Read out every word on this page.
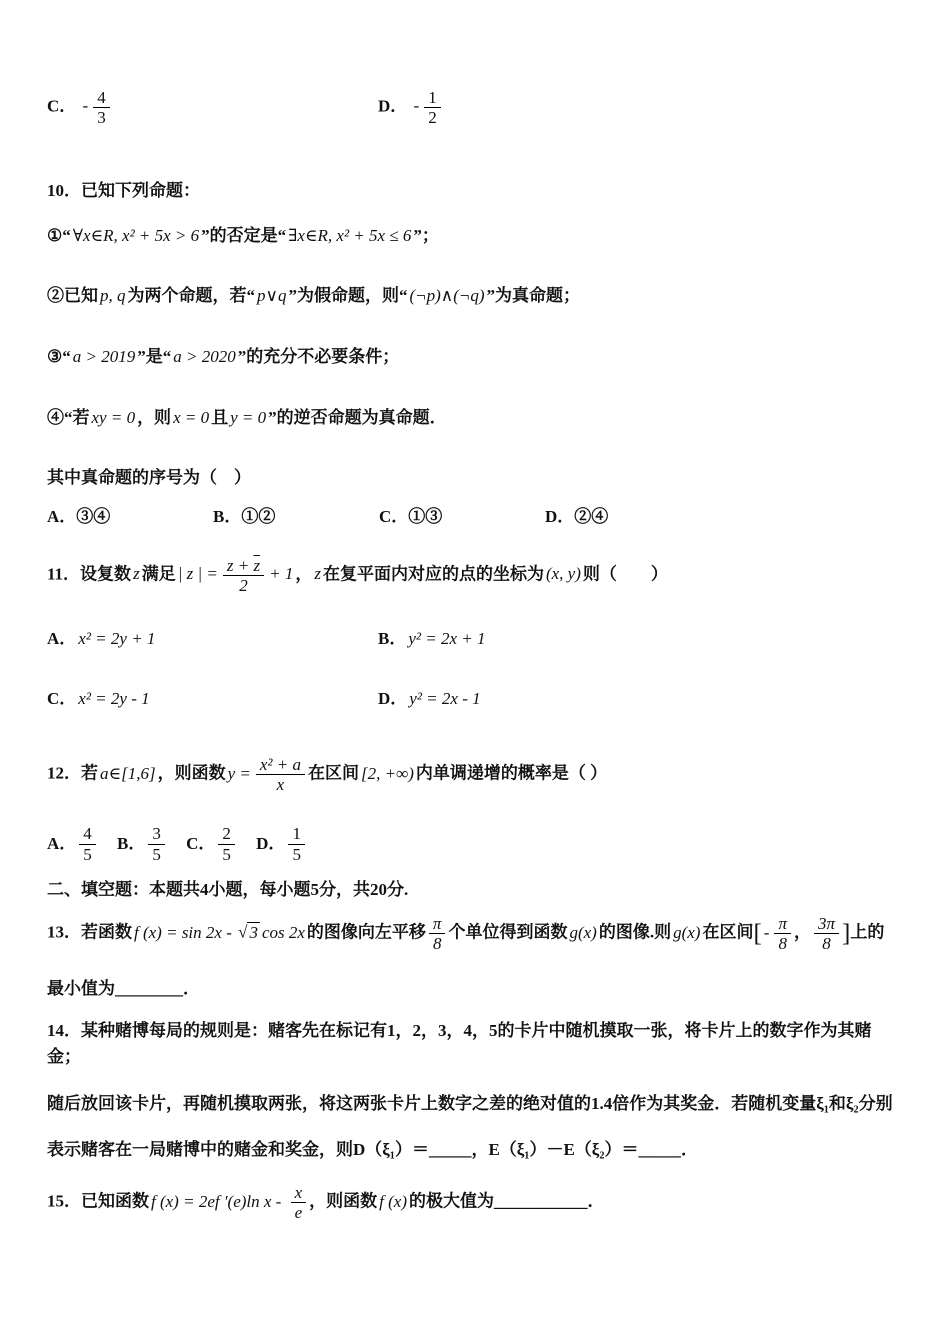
C． - $\frac{4}{3}$	D． - $\frac{1}{2}$

10．已知下列命题：

①“ ∀x∈R, x² + 5x > 6 ”的否定是“ ∃x∈R, x² + 5x ≤ 6 ”；

②已知 p, q 为两个命题，若“ p∨q ”为假命题，则“ (¬p)∧(¬q) ”为真命题；

③“ a > 2019 ”是“ a > 2020 ”的充分不必要条件；

④“若 xy = 0 ，则 x = 0 且 y = 0 ”的逆否命题为真命题．

其中真命题的序号为（　）

A．③④	B．①②	C．①③	D．②④

11．设复数 z 满足 | z | = $\frac{z + \overline{z}}{2} + 1$ ， z 在复平面内对应的点的坐标为 (x, y) 则（　　）

A． x² = 2y + 1	B． y² = 2x + 1

C． x² = 2y - 1	D． y² = 2x - 1

12．若 a∈[1,6] ，则函数 $y = \frac{\text{x² + a}}{x}$ 在区间 [2, +∞) 内单调递增的概率是（ ）

A． $\frac{4}{5}$
B． $\frac{3}{5}$
C． $\frac{2}{5}$
D． $\frac{1}{5}$

二、填空题：本题共4小题，每小题5分，共20分.

13．若函数 f (x) = sin 2x - √ 3 cos 2x 的图像向左平移 $\frac{\pi}{8}$ 个单位得到函数 g(x) 的图像.则 g(x) 在区间[ - $\frac{\pi}{8}$ ， $\frac{3\pi}{8}$ ]上的

最小值为________．

14．某种赌博每局的规则是：赌客先在标记有1，2，3，4，5的卡片中随机摸取一张，将卡片上的数字作为其赌金；

随后放回该卡片，再随机摸取两张，将这两张卡片上数字之差的绝对值的1.4倍作为其奖金．若随机变量ξ₁和ξ₂分别

表示赌客在一局赌博中的赌金和奖金，则D（ξ₁）＝_____，E（ξ₁）－E（ξ₂）＝_____．

15．已知函数 f (x) = 2ef ′(e)ln x - $\frac{x}{e}$ ，则函数 f (x) 的极大值为___________．
